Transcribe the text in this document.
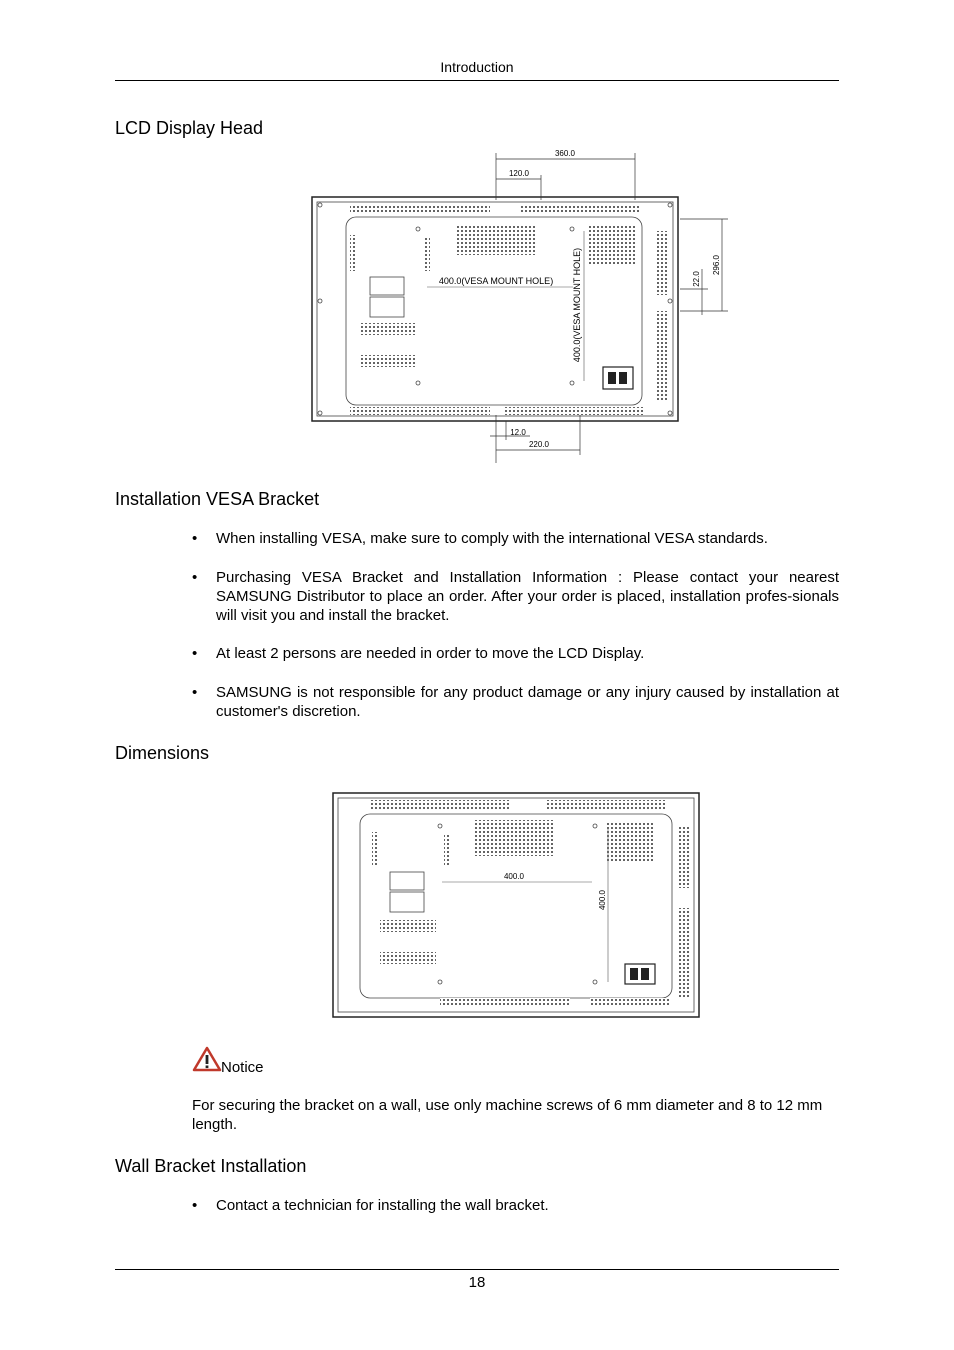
Introduction
LCD Display Head
360.0
120.0
296.0
22.0
12.0
220.0
400.0(VESA MOUNT HOLE) 400.0(VESA MOUNT HOLE)
Installation VESA Bracket
• When installing VESA, make sure to comply with the international VESA standards.
• Purchasing VESA Bracket and Installation Information : Please contact your nearest SAMSUNG Distributor to place an order. After your order is placed, installation profes-sionals will visit you and install the bracket.
• At least 2 persons are needed in order to move the LCD Display.
• SAMSUNG is not responsible for any product damage or any injury caused by installation at customer's discretion.
Dimensions
400.0
400.0
Notice
For securing the bracket on a wall, use only machine screws of 6 mm diameter and 8 to 12 mm length.
Wall Bracket Installation
• Contact a technician for installing the wall bracket.
18
